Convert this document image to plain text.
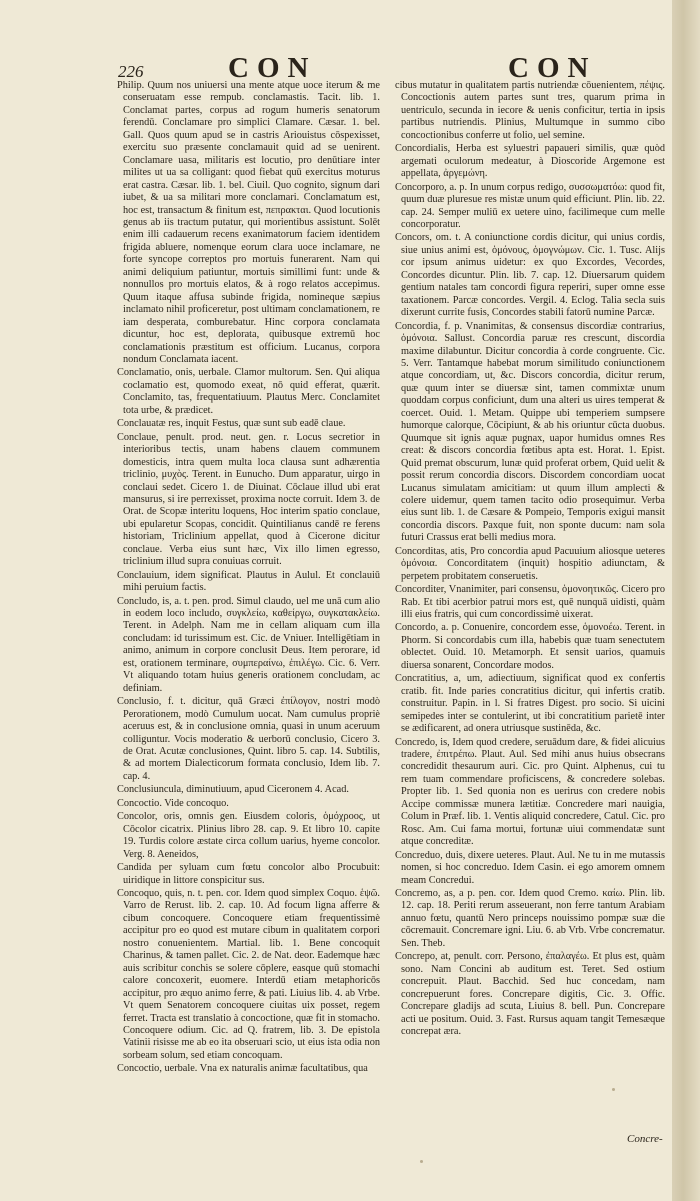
226	CON	CON

Philip. Quum nos uniuersi una mente atque uoce iterum & me conseruatam esse rempub. conclamastis. Tacit. lib. 1. Conclamat partes, corpus ad rogum humeris senatorum ferendū. Conclamare pro simplici Clamare. Cæsar. 1. bel. Gall. Quos quum apud se in castris Ariouistus cōspexisset, exercitu suo præsente conclamauit quid ad se uenirent. Conclamare uasa, militaris est locutio, pro denūtiare inter milites ut ua sa colligant: quod fiebat quū exercitus moturus erat castra. Cæsar. lib. 1. bel. Ciuil. Quo cognito, signum dari iubet, & ua sa militari more conclamari. Conclamatum est, hoc est, transactum & finitum est, πεπρακται. Quod locutionis genus ab iis tractum putatur, qui morientibus assistunt. Solēt enim illi cadauerum recens exanimatorum faciem identidem frigida abluere, nomenque eorum clara uoce inclamare, ne forte syncope correptos pro mortuis funerarent. Nam qui animi deliquium patiuntur, mortuis simillimi funt: unde & nonnullos pro mortuis elatos, & à rogo relatos accepimus. Quum itaque affusa subinde frigida, nomineque sæpius inclamato nihil proficeretur, post ultimam conclamationem, re iam desperata, comburebatur. Hinc corpora conclamata dicuntur, hoc est, deplorata, quibusque extremū hoc conclamationis præstitum est officium. Lucanus, corpora nondum Conclamata iacent.

Conclamatio, onis, uerbale. Clamor multorum. Sen. Qui aliqua coclamatio est, quomodo exeat, nō quid efferat, quærit. Conclamito, tas, frequentatiuum. Plautus Merc. Conclamitet tota urbe, & prædicet.

Conclauatæ res, inquit Festus, quæ sunt sub eadē claue.

Conclaue, penult. prod. neut. gen. r. Locus secretior in interioribus tectis, unam habens clauem communem domesticis, intra quem multa loca clausa sunt adhærentia triclinio, μυχὸς. Terent. in Eunucho. Dum apparatur, uirgo in conclaui sedet. Cicero 1. de Diuinat. Cōclaue illud ubi erat mansurus, si ire perrexisset, proxima nocte corruit. Idem 3. de Orat. de Scopæ interitu loquens, Hoc interim spatio conclaue, ubi epularetur Scopas, concidit. Quintilianus candē re ferens historiam, Triclinium appellat, quod à Cicerone dicitur conclaue. Verba eius sunt hæc, Vix illo limen egresso, triclinium illud supra conuiuas corruit.

Conclauium, idem significat. Plautus in Aulul. Et conclauiū mihi peruium factis.

Concludo, is, a. t. pen. prod. Simul claudo, uel me unā cum alio in eodem loco includo, συγκλείω, καθείργω, συγκατακλείω. Terent. in Adelph. Nam me in cellam aliquam cum illa concludam: id turissimum est. Cic. de Vniuer. Intelligētiam in animo, animum in corpore conclusit Deus. Item perorare, id est, orationem terminare, συμπεραίνω, ἐπιλέγω. Cic. 6. Verr. Vt aliquando totam huius generis orationem concludam, ac definiam.

Conclusio, f. t. dicitur, quā Græci ἐπίλογον, nostri modò Perorationem, modò Cumulum uocat. Nam cumulus propriè aceruus est, & in conclusione omnia, quasi in unum aceruum colliguntur. Vocis moderatio & uerborū conclusio, Cicero 3. de Orat. Acutæ conclusiones, Quint. libro 5. cap. 14. Subtilis, & ad mortem Dialecticorum formata conclusio, Idem lib. 7. cap. 4.

Conclusiuncula, diminutiuum, apud Ciceronem 4. Acad.

Concoctio. Vide concoquo.

Concolor, oris, omnis gen. Eiusdem coloris, ὁμόχροος, ut Cōcolor cicatrix. Plinius libro 28. cap. 9. Et libro 10. capite 19. Turdis colore æstate circa collum uarius, hyeme concolor. Verg. 8. Aeneidos,

Candida per syluam cum fœtu concolor albo Procubuit: uiridique in littore conspicitur sus.

Concoquo, quis, n. t. pen. cor. Idem quod simplex Coquo. ἑψῶ. Varro de Rerust. lib. 2. cap. 10. Ad focum ligna afferre & cibum concoquere. Concoquere etiam frequentissimè accipitur pro eo quod est mutare cibum in qualitatem corpori nostro conuenientem. Martial. lib. 1. Bene concoquit Charinus, & tamen pallet. Cic. 2. de Nat. deor. Eademque hæc auis scribitur conchis se solere cōplere, easque quū stomachi calore concoxerit, euomere. Interdū etiam metaphoricōs accipitur, pro æquo animo ferre, & pati. Liuius lib. 4. ab Vrbe. Vt quem Senatorem concoquere ciuitas uix posset, regem ferret. Tracta est translatio à concoctione, quæ fit in stomacho. Concoquere odium. Cic. ad Q. fratrem, lib. 3. De epistola Vatinii risisse me ab eo ita obseruari scio, ut eius ista odia non sorbeam solum, sed etiam concoquam.

Concoctio, uerbale. Vna ex naturalis animæ facultatibus, qua

cibus mutatur in qualitatem partis nutriendæ cōuenientem, πέψις. Concoctionis autem partes sunt tres, quarum prima in uentriculo, secunda in iecore & uenis conficitur, tertia in ipsis partibus nutriendis. Plinius, Multumque in summo cibo concoctionibus conferre ut folio, uel semine.

Concordialis, Herba est syluestri papaueri similis, quæ quòd argemati oculorum medeatur, à Dioscoride Argemone est appellata, ἀργεμώνη.

Concorporo, a. p. In unum corpus redigo, συσσωματόω: quod fit, quum duæ pluresue res mistæ unum quid efficiunt. Plin. lib. 22. cap. 24. Semper muliū ex uetere uino, facilimeque cum melle concorporatur.

Concors, om. t. A coniunctione cordis dicitur, qui unius cordis, siue unius animi est, ὁμόνους, ὁμογνώμων. Cic. 1. Tusc. Alijs cor ipsum animus uidetur: ex quo Excordes, Vecordes, Concordes dicuntur. Plin. lib. 7. cap. 12. Diuersarum quidem gentium natales tam concordi figura reperiri, super omne esse taxationem. Parcæ concordes. Vergil. 4. Eclog. Talia secla suis dixerunt currite fusis, Concordes stabili fatorū numine Parcæ.

Concordia, f. p. Vnanimitas, & consensus discordiæ contrarius, ὁμόνοια. Sallust. Concordia paruæ res crescunt, discordia maxime dilabuntur. Dicitur concordia à corde congruente. Cic. 5. Verr. Tantamque habebat morum similitudo coniunctionem atque concordiam, ut, &c. Discors concordia, dicitur rerum, quæ quum inter se diuersæ sint, tamen commixtæ unum quoddam corpus conficiunt, dum una alteri us uires temperat & coercet. Ouid. 1. Metam. Quippe ubi temperiem sumpsere humorque calorque, Cōcipiunt, & ab his oriuntur cūcta duobus. Quumque sit ignis aquæ pugnax, uapor humidus omnes Res creat: & discors concordia fœtibus apta est. Horat. 1. Epist. Quid premat obscurum, lunæ quid proferat orbem, Quid uelit & possit rerum concordia discors. Discordem concordiam uocat Lucanus simulatam amicitiam: ut quum illum amplecti & colere uidemur, quem tamen tacito odio prosequimur. Verba eius sunt lib. 1. de Cæsare & Pompeio, Temporis exigui mansit concordia discors. Paxque fuit, non sponte ducum: nam sola futuri Crassus erat belli medius mora.

Concorditas, atis, Pro concordia apud Pacuuium aliosque ueteres ὁμόνοια. Concorditatem (inquit) hospitio adiunctam, & perpetem probitatem conseruetis.

Concorditer, Vnanimiter, pari consensu, ὁμονοητικῶς. Cicero pro Rab. Et tibi acerbior patrui mors est, quē nunquā uidisti, quàm illi eius fratris, qui cum concordissimè uixerat.

Concordo, a. p. Conuenire, concordem esse, ὁμονοέω. Terent. in Phorm. Si concordabis cum illa, habebis quæ tuam senectutem oblectet. Ouid. 10. Metamorph. Et sensit uarios, quamuis diuersa sonarent, Concordare modos.

Concratitius, a, um, adiectiuum, significat quod ex confertis cratib. fit. Inde paries concratitius dicitur, qui infertis cratib. construitur. Papin. in l. Si fratres Digest. pro socio. Si uicini semipedes inter se contulerint, ut ibi concratitium parietē inter se ædificarent, ad onera utriusque sustinēda, &c.

Concredo, is, Idem quod credere, seruādum dare, & fidei alicuius tradere, ἐπιτρέπω. Plaut. Aul. Sed mihi anus huius obsecrans concredidit thesaurum auri. Cic. pro Quint. Alphenus, cui tu rem tuam commendare proficiscens, & concredere solebas. Propter lib. 1. Sed quonia non es uerirus con credere nobis Accipe commissæ munera lætitiæ. Concredere mari nauigia, Colum in Præf. lib. 1. Ventis aliquid concredere, Catul. Cic. pro Rosc. Am. Cui fama mortui, fortunæ uiui commendatæ sunt atque concreditæ.

Concreduo, duis, dixere ueteres. Plaut. Aul. Ne tu in me mutassis nomen, si hoc concreduo. Idem Casin. ei ego amorem omnem meam Concredui.

Concremo, as, a p. pen. cor. Idem quod Cremo. καίω. Plin. lib. 12. cap. 18. Periti rerum asseuerant, non ferre tantum Arabiam annuo fœtu, quantū Nero princeps nouissimo pompæ suæ die cōcremauit. Concremare igni. Liu. 6. ab Vrb. Vrbe concrematur. Sen. Theb.

Concrepo, at, penult. corr. Persono, ἐπαλαγέω. Et plus est, quàm sono. Nam Concini ab auditum est. Teret. Sed ostium concrepuit. Plaut. Bacchid. Sed huc concedam, nam concrepuerunt fores. Concrepare digitis, Cic. 3. Offic. Concrepare gladijs ad scuta, Liuius 8. bell. Pun. Concrepare acti ue positum. Ouid. 3. Fast. Rursus aquam tangit Temesæque concrepat æra.

Concre-
